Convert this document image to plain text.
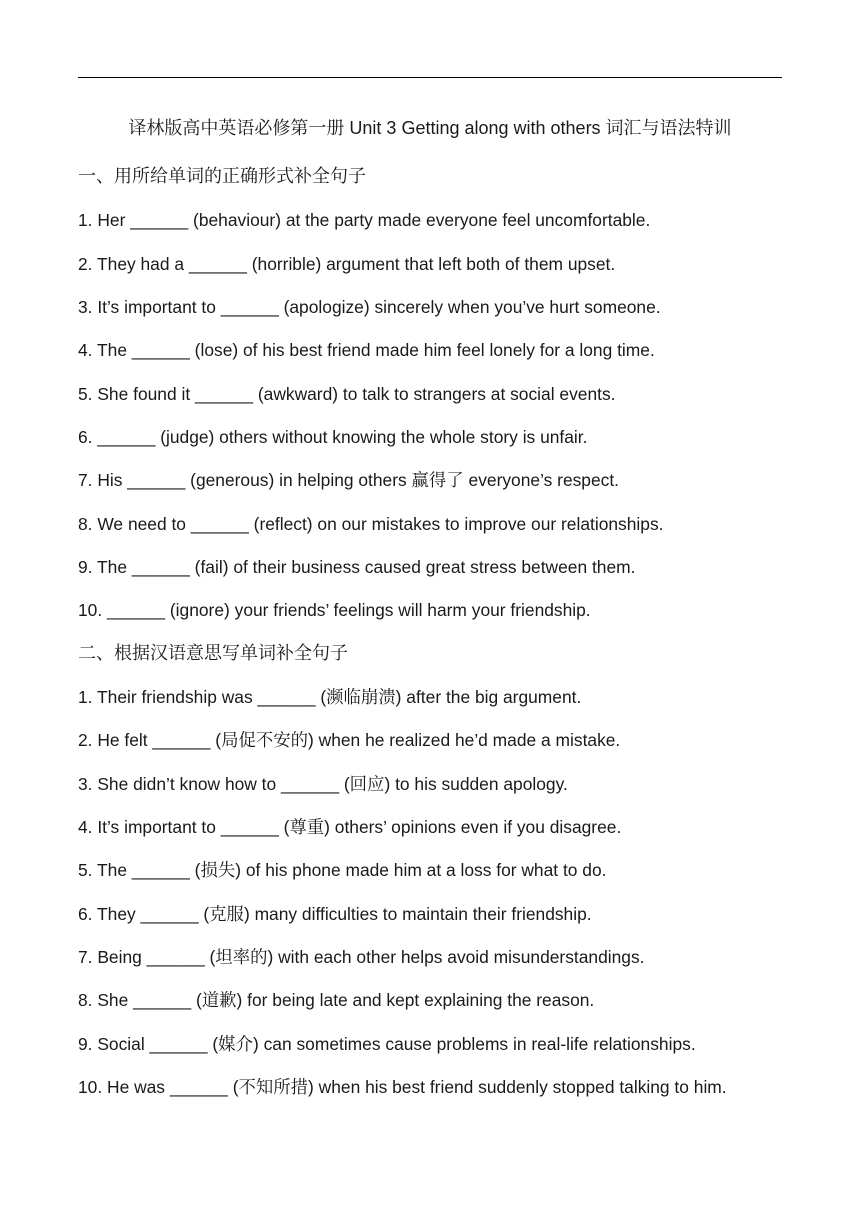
译林版高中英语必修第一册 Unit 3 Getting along with others 词汇与语法特训
一、用所给单词的正确形式补全句子
1. Her ______ (behaviour) at the party made everyone feel uncomfortable.
2. They had a ______ (horrible) argument that left both of them upset.
3. It’s important to ______ (apologize) sincerely when you’ve hurt someone.
4. The ______ (lose) of his best friend made him feel lonely for a long time.
5. She found it ______ (awkward) to talk to strangers at social events.
6. ______ (judge) others without knowing the whole story is unfair.
7. His ______ (generous) in helping others 赢得了 everyone’s respect.
8. We need to ______ (reflect) on our mistakes to improve our relationships.
9. The ______ (fail) of their business caused great stress between them.
10. ______ (ignore) your friends’ feelings will harm your friendship.
二、根据汉语意思写单词补全句子
1. Their friendship was ______ (濒临崩溃) after the big argument.
2. He felt ______ (局促不安的) when he realized he’d made a mistake.
3. She didn’t know how to ______ (回应) to his sudden apology.
4. It’s important to ______ (尊重) others’ opinions even if you disagree.
5. The ______ (损失) of his phone made him at a loss for what to do.
6. They ______ (克服) many difficulties to maintain their friendship.
7. Being ______ (坦率的) with each other helps avoid misunderstandings.
8. She ______ (道歉) for being late and kept explaining the reason.
9. Social ______ (媒介) can sometimes cause problems in real-life relationships.
10. He was ______ (不知所措) when his best friend suddenly stopped talking to him.
